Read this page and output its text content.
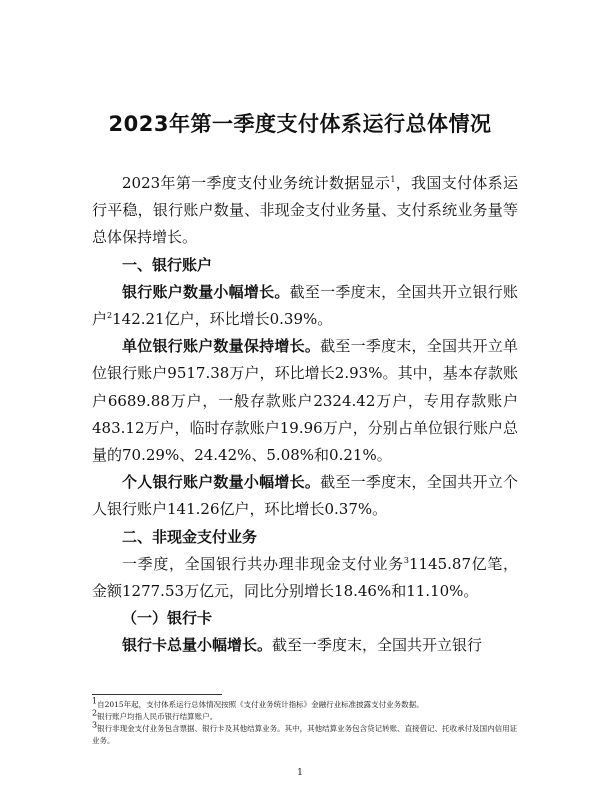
2023年第一季度支付体系运行总体情况

2023年第一季度支付业务统计数据显示$^1$，我国支付体系运行平稳，银行账户数量、非现金支付业务量、支付系统业务量等总体保持增长。

一、银行账户

银行账户数量小幅增长。截至一季度末，全国共开立银行账户$^2$142.21亿户，环比增长0.39%。

单位银行账户数量保持增长。截至一季度末，全国共开立单位银行账户9517.38万户，环比增长2.93%。其中，基本存款账户6689.88万户，一般存款账户2324.42万户，专用存款账户483.12万户，临时存款账户19.96万户，分别占单位银行账户总量的70.29%、24.42%、5.08%和0.21%。

个人银行账户数量小幅增长。截至一季度末，全国共开立个人银行账户141.26亿户，环比增长0.37%。

二、非现金支付业务

一季度，全国银行共办理非现金支付业务$^3$1145.87亿笔，金额1277.53万亿元，同比分别增长18.46%和11.10%。

（一）银行卡

银行卡总量小幅增长。截至一季度末，全国共开立银行

$^1$自2015年起，支付体系运行总体情况按照《支付业务统计指标》金融行业标准披露支付业务数据。

$^2$银行账户均指人民币银行结算账户。

$^3$银行非现金支付业务包含票据、银行卡及其他结算业务。其中，其他结算业务包含贷记转账、直接借记、托收承付及国内信用证业务。

1
